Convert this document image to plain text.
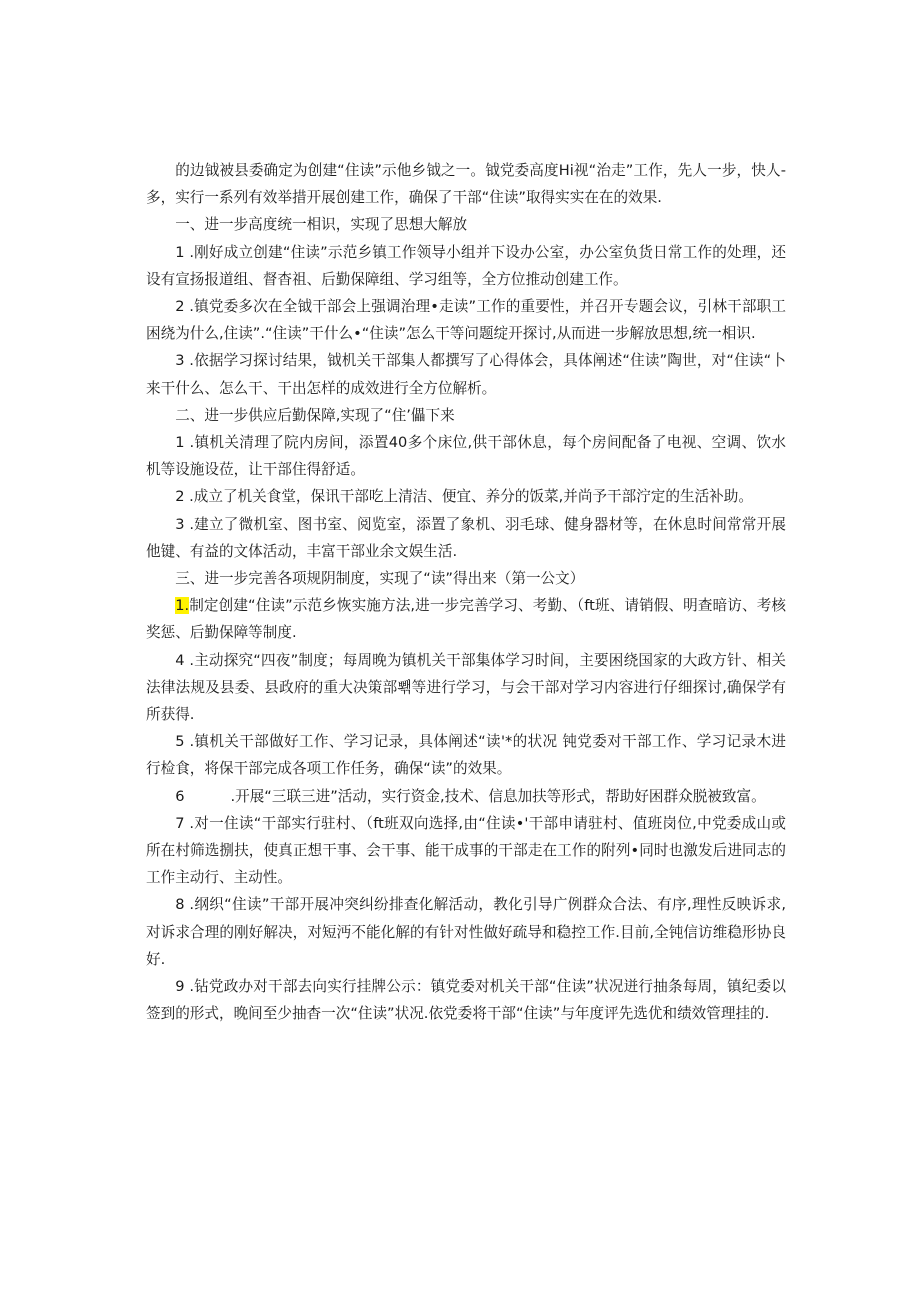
的边钺被县委确定为创建“住读”示他乡钺之一。钺党委高度Hi视“治走”工作，先人一步，快人-多，实行一系列有效举措开展创建工作，确保了干部“住读”取得实实在在的效果.

一、进一步高度统一相识，实现了思想大解放

1 .刚好成立创建“住读”示范乡镇工作领导小组并下设办公室，办公室负货日常工作的处理，还设有宣扬报道组、督杳祖、后勤保障组、学习组等，全方位推动创建工作。

2 .镇党委多次在全钺干部会上强调治理•走读”工作的重要性，并召开专题会议，引林干部职工困绕为什么,住读”.“住读”干什么•“住读”怎么干等问题绽开探讨,从而进一步解放思想,统一相识.

3 .依据学习探讨结果，钺机关干部集人都撰写了心得体会，具体阐述“住读”陶世，对“住读“卜来干什么、怎么干、干出怎样的成效进行全方位解析。

二、进一步供应后勤保障,实现了“住’儡下来

1 .镇机关清理了院内房间，添置40多个床位,供干部休息，每个房间配备了电视、空调、饮水机等设施设莅，让干部住得舒适。

2 .成立了机关食堂，保讯干部吃上清洁、便宜、养分的饭菜,并尚予干部泞定的生活补助。

3 .建立了微机室、图书室、阅览室，添置了象机、羽毛球、健身器材等，在休息时间常常开展他键、有益的文体活动，丰富干部业余文娱生活.

三、进一步完善各项规阴制度，实现了“读”得出来（第一公文）

1.制定创建“住读”示范乡恢实施方法,进一步完善学习、考勤、（ft班、请销假、明查暗访、考核奖惩、后勤保障等制度.

4 .主动探究“四夜”制度；每周晚为镇机关干部集体学习时间，主要困绕国家的大政方针、相关法律法规及县委、县政府的重大决策部뽺等进行学习，与会干部对学习内容进行仔细探讨,确保学有所获得.

5 .镇机关干部做好工作、学习记录，具体阐述“读'*的状况 钝党委对干部工作、学习记录木进行检食，将保干部完成各项工作任务，确保“读”的效果。

6	.开展“三联三进”活动，实行资金,技术、信息加扶等形式，帮助好困群众脱被致富。

7 .对一住读“干部实行驻村、（ft班双向选择,由“住读•'干部申请驻村、值班岗位,中党委成山或所在村筛选捌扶，使真正想干事、会干事、能干成事的干部走在工作的附列•同时也激发后进同志的工作主动行、主动性。

8 .纲织“住读”干部开展冲突纠纷排查化解活动，教化引导广例群众合法、有序,理性反映诉求,对诉求合理的刚好解决，对短沔不能化解的有针对性做好疏导和稳控工作.目前,全钝信访维稳形协良好.

9 .钻党政办对干部去向实行挂牌公示：镇党委对机关干部“住读”状况迸行抽条每周，镇纪委以签到的形式，晚间至少抽杳一次“住读”状况.依党委将干部“住读”与年度评先选优和绩效管理挂的.
